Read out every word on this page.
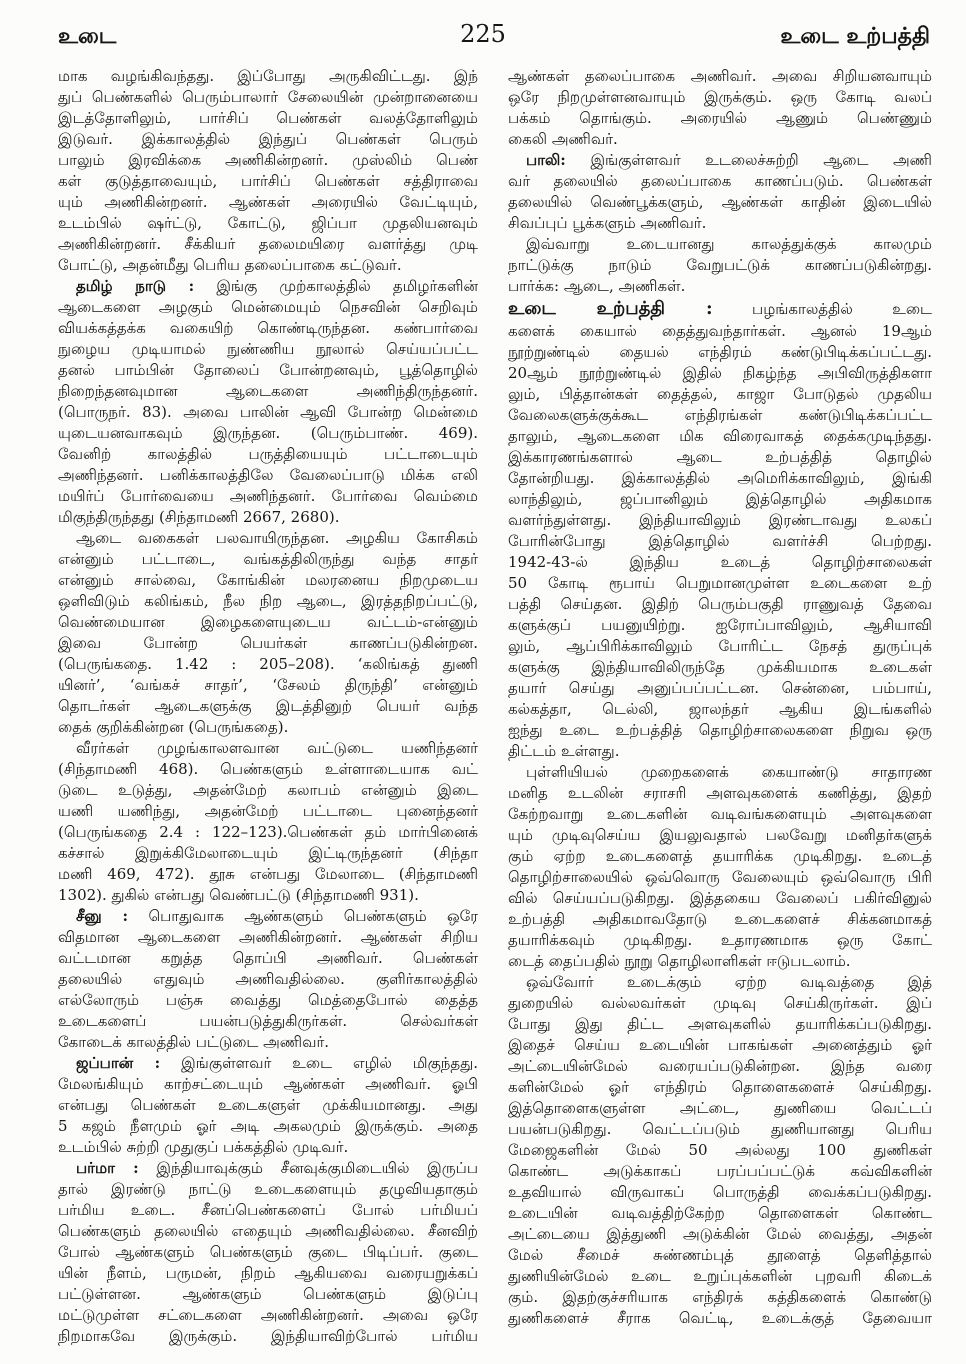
உடை	225	உடை உற்பத்தி
மாக வழங்கிவந்தது. இப்போது அருகிவிட்டது. இந்
துப் பெண்களில் பெரும்பாலார் சேலையின் முன்றானையை
இடத்தோளிலும், பார்சிப் பெண்கள் வலத்தோளிலும்
இடுவர். இக்காலத்தில் இந்துப் பெண்கள் பெரும்
பாலும் இரவிக்கை அணிகின்றனர். முஸ்லிம் பெண்
கள் குடுத்தாவையும், பார்சிப் பெண்கள் சத்திராவை
யும் அணிகின்றனர். ஆண்கள் அரையில் வேட்டியும்,
உடம்பில் ஷர்ட்டு, கோட்டு, ஜிப்பா முதலியனவும்
அணிகின்றனர். சீக்கியர் தலைமயிரை வளர்த்து முடி
போட்டு, அதன்மீது பெரிய தலைப்பாகை கட்டுவர்.
தமிழ் நாடு : இங்கு முற்காலத்தில் தமிழர்களின்
ஆடைகளை அழகும் மென்மையும் நெசவின் செறிவும்
வியக்கத்தக்க வகையிற் கொண்டிருந்தன. கண்பார்வை
நுழைய முடியாமல் நுண்ணிய நூலால் செய்யப்பட்ட
தனல் பாம்பின் தோலைப் போன்றனவும், பூத்தொழில்
நிறைந்தனவுமான ஆடைகளை அணிந்திருந்தனர்.
(பொருநர். 83). அவை பாலின் ஆவி போன்ற மென்மை
யுடையனவாகவும் இருந்தன. (பெரும்பாண். 469).
வேனிற் காலத்தில் பருத்தியையும் பட்டாடையும்
அணிந்தனர். பனிக்காலத்திலே வேலைப்பாடு மிக்க எலி
மயிர்ப் போர்வையை அணிந்தனர். போர்வை வெம்மை
மிகுந்திருந்தது (சிந்தாமணி 2667, 2680).
ஆடை வகைகள் பலவாயிருந்தன. அழகிய கோசிகம்
என்னும் பட்டாடை, வங்கத்திலிருந்து வந்த சாதர்
என்னும் சால்வை, கோங்கின் மலரனைய நிறமுடைய
ஒளிவிடும் கலிங்கம், நீல நிற ஆடை, இரத்தநிறப்பட்டு,
வெண்மையான இழைகளையுடைய வட்டம்-என்னும்
இவை போன்ற பெயர்கள் காணப்படுகின்றன.
(பெருங்கதை. 1.42 : 205–208). ‘கலிங்கத் துணி
யினர்’, ‘வங்கச் சாதர்’, ‘சேலம் திருந்தி’ என்னும்
தொடர்கள் ஆடைகளுக்கு இடத்தினுற் பெயர் வந்த
தைக் குறிக்கின்றன (பெருங்கதை).
வீரர்கள் முழங்காலளவான வட்டுடை யணிந்தனர்
(சிந்தாமணி 468). பெண்களும் உள்ளாடையாக வட்
டுடை உடுத்து, அதன்மேற் கலாபம் என்னும் இடை
யணி யணிந்து, அதன்மேற் பட்டாடை புனைந்தனர்
(பெருங்கதை 2.4 : 122–123).பெண்கள் தம் மார்பினைக்
கச்சால் இறுக்கிமேலாடையும் இட்டிருந்தனர் (சிந்தா
மணி 469, 472). தூசு என்பது மேலாடை (சிந்தாமணி
1302). துகில் என்பது வெண்பட்டு (சிந்தாமணி 931).
சீனு : பொதுவாக ஆண்களும் பெண்களும் ஒரே
விதமான ஆடைகளை அணிகின்றனர். ஆண்கள் சிறிய
வட்டமான கறுத்த தொப்பி அணிவர். பெண்கள்
தலையில் எதுவும் அணிவதில்லை. குளிர்காலத்தில்
எல்லோரும் பஞ்சு வைத்து மெத்தைபோல் தைத்த
உடைகளைப் பயன்படுத்துகிருர்கள். செல்வர்கள்
கோடைக் காலத்தில் பட்டுடை அணிவர்.
ஜப்பான் : இங்குள்ளவர் உடை எழில் மிகுந்தது.
மேலங்கியும் காற்சட்டையும் ஆண்கள் அணிவர். ஓபி
என்பது பெண்கள் உடைகளுள் முக்கியமானது. அது
5 கஜம் நீளமும் ஓர் அடி அகலமும் இருக்கும். அதை
உடம்பில் சுற்றி முதுகுப் பக்கத்தில் முடிவர்.
பர்மா : இந்தியாவுக்கும் சீனவுக்குமிடையில் இருப்ப
தால் இரண்டு நாட்டு உடைகளையும் தழுவியதாகும்
பர்மிய உடை. சீனப்பெண்களைப் போல் பர்மியப்
பெண்களும் தலையில் எதையும் அணிவதில்லை. சீனவிற்
போல் ஆண்களும் பெண்களும் குடை பிடிப்பர். குடை
யின் நீளம், பருமன், நிறம் ஆகியவை வரையறுக்கப்
பட்டுள்ளன. ஆண்களும் பெண்களும் இடுப்பு
மட்டுமுள்ள சட்டைகளை அணிகின்றனர். அவை ஒரே
நிறமாகவே இருக்கும். இந்தியாவிற்போல் பர்மிய
ஆண்கள் தலைப்பாகை அணிவர். அவை சிறியனவாயும்
ஒரே நிறமுள்ளனவாயும் இருக்கும். ஒரு கோடி வலப்
பக்கம் தொங்கும். அரையில் ஆணும் பெண்ணும்
கைலி அணிவர்.
பாலி: இங்குள்ளவர் உடலைச்சுற்றி ஆடை அணி
வர் தலையில் தலைப்பாகை காணப்படும். பெண்கள்
தலையில் வெண்பூக்களும், ஆண்கள் காதின் இடையில்
சிவப்புப் பூக்களும் அணிவர்.
இவ்வாறு உடையானது காலத்துக்குக் காலமும்
நாட்டுக்கு நாடும் வேறுபட்டுக் காணப்படுகின்றது.
பார்க்க: ஆடை, அணிகள்.
உடை உற்பத்தி :	பழங்காலத்தில் உடை
களைக் கையால் தைத்துவந்தார்கள். ஆனல் 19ஆம்
நூற்றுண்டில் தையல் எந்திரம் கண்டுபிடிக்கப்பட்டது.
20ஆம் நூற்றுண்டில் இதில் நிகழ்ந்த அபிவிருத்திகளா
லும், பித்தான்கள் தைத்தல், காஜா போடுதல் முதலிய
வேலைகளுக்குக்கூட எந்திரங்கள் கண்டுபிடிக்கப்பட்ட
தாலும், ஆடைகளை மிக விரைவாகத் தைக்கமுடிந்தது.
இக்காரணங்களால் ஆடை உற்பத்தித் தொழில்
தோன்றியது. இக்காலத்தில் அமெரிக்காவிலும், இங்கி
லாந்திலும், ஜப்பானிலும் இத்தொழில் அதிகமாக
வளர்ந்துள்ளது. இந்தியாவிலும் இரண்டாவது உலகப்
போரின்போது இத்தொழில் வளர்ச்சி பெற்றது.
1942-43-ல் இந்திய உடைத் தொழிற்சாலைகள்
50 கோடி ரூபாய் பெறுமானமுள்ள உடைகளை உற்
பத்தி செய்தன. இதிற் பெரும்பகுதி ராணுவத் தேவை
களுக்குப் பயனுயிற்று. ஐரோப்பாவிலும், ஆசியாவி
லும், ஆப்பிரிக்காவிலும் போரிட்ட நேசத் துருப்புக்
களுக்கு இந்தியாவிலிருந்தே முக்கியமாக உடைகள்
தயார் செய்து அனுப்பப்பட்டன. சென்னை, பம்பாய்,
கல்கத்தா, டெல்லி, ஜாலந்தர் ஆகிய இடங்களில்
ஐந்து உடை உற்பத்தித் தொழிற்சாலைகளை நிறுவ ஒரு
திட்டம் உள்ளது.
புள்ளியியல் முறைகளைக் கையாண்டு சாதாரண
மனித உடலின் சராசரி அளவுகளைக் கணித்து, இதற்
கேற்றவாறு உடைகளின் வடிவங்களையும் அளவுகளை
யும் முடிவுசெய்ய இயலுவதால் பலவேறு மனிதர்களுக்
கும் ஏற்ற உடைகளைத் தயாரிக்க முடிகிறது. உடைத்
தொழிற்சாலையில் ஒவ்வொரு வேலையும் ஒவ்வொரு பிரி
வில் செய்யப்படுகிறது. இத்தகைய வேலைப் பகிர்வினுல்
உற்பத்தி அதிகமாவதோடு உடைகளைச் சிக்கனமாகத்
தயாரிக்கவும் முடிகிறது. உதாரணமாக ஒரு கோட்
டைத் தைப்பதில் நூறு தொழிலாளிகள் ஈடுபடலாம்.
ஒவ்வோர் உடைக்கும் ஏற்ற வடிவத்தை இத்
துறையில் வல்லவர்கள் முடிவு செய்கிருர்கள். இப்
போது இது திட்ட அளவுகளில் தயாரிக்கப்படுகிறது.
இதைச் செய்ய உடையின் பாகங்கள் அனைத்தும் ஓர்
அட்டையின்மேல் வரையப்படுகின்றன. இந்த வரை
களின்மேல் ஓர் எந்திரம் தொளைகளைச் செய்கிறது.
இத்தொளைகளுள்ள அட்டை, துணியை வெட்டப்
பயன்படுகிறது. வெட்டப்படும் துணியானது பெரிய
மேஜைகளின் மேல் 50 அல்லது 100 துணிகள்
கொண்ட அடுக்காகப் பரப்பப்பட்டுக் கவ்விகளின்
உதவியால் விருவாகப் பொருத்தி வைக்கப்படுகிறது.
உடையின் வடிவத்திற்கேற்ற தொளைகள் கொண்ட
அட்டையை இத்துணி அடுக்கின் மேல் வைத்து, அதன்
மேல் சீமைச் சுண்ணம்புத் தூளைத் தெளித்தால்
துணியின்மேல் உடை உறுப்புக்களின் புறவரி கிடைக்
கும். இதற்குச்சரியாக எந்திரக் கத்திகளைக் கொண்டு
துணிகளைச் சீராக வெட்டி, உடைக்குத் தேவையா
